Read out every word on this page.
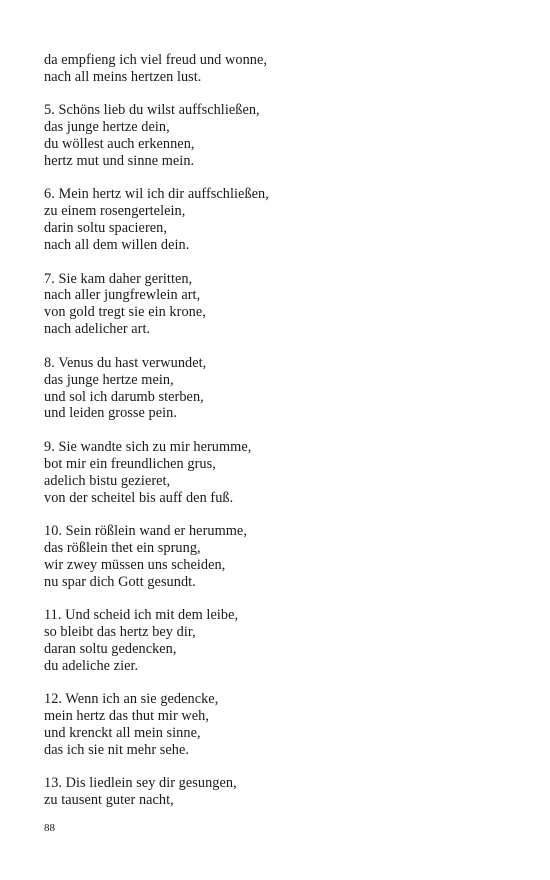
da empfieng ich viel freud und wonne,
nach all meins hertzen lust.
5. Schöns lieb du wilst auffschließen,
das junge hertze dein,
du wöllest auch erkennen,
hertz mut und sinne mein.
6. Mein hertz wil ich dir auffschließen,
zu einem rosengertelein,
darin soltu spacieren,
nach all dem willen dein.
7. Sie kam daher geritten,
nach aller jungfrewlein art,
von gold tregt sie ein krone,
nach adelicher art.
8. Venus du hast verwundet,
das junge hertze mein,
und sol ich darumb sterben,
und leiden grosse pein.
9. Sie wandte sich zu mir herumme,
bot mir ein freundlichen grus,
adelich bistu gezieret,
von der scheitel bis auff den fuß.
10. Sein rößlein wand er herumme,
das rößlein thet ein sprung,
wir zwey müssen uns scheiden,
nu spar dich Gott gesundt.
11. Und scheid ich mit dem leibe,
so bleibt das hertz bey dir,
daran soltu gedencken,
du adeliche zier.
12. Wenn ich an sie gedencke,
mein hertz das thut mir weh,
und krenckt all mein sinne,
das ich sie nit mehr sehe.
13. Dis liedlein sey dir gesungen,
zu tausent guter nacht,
88
